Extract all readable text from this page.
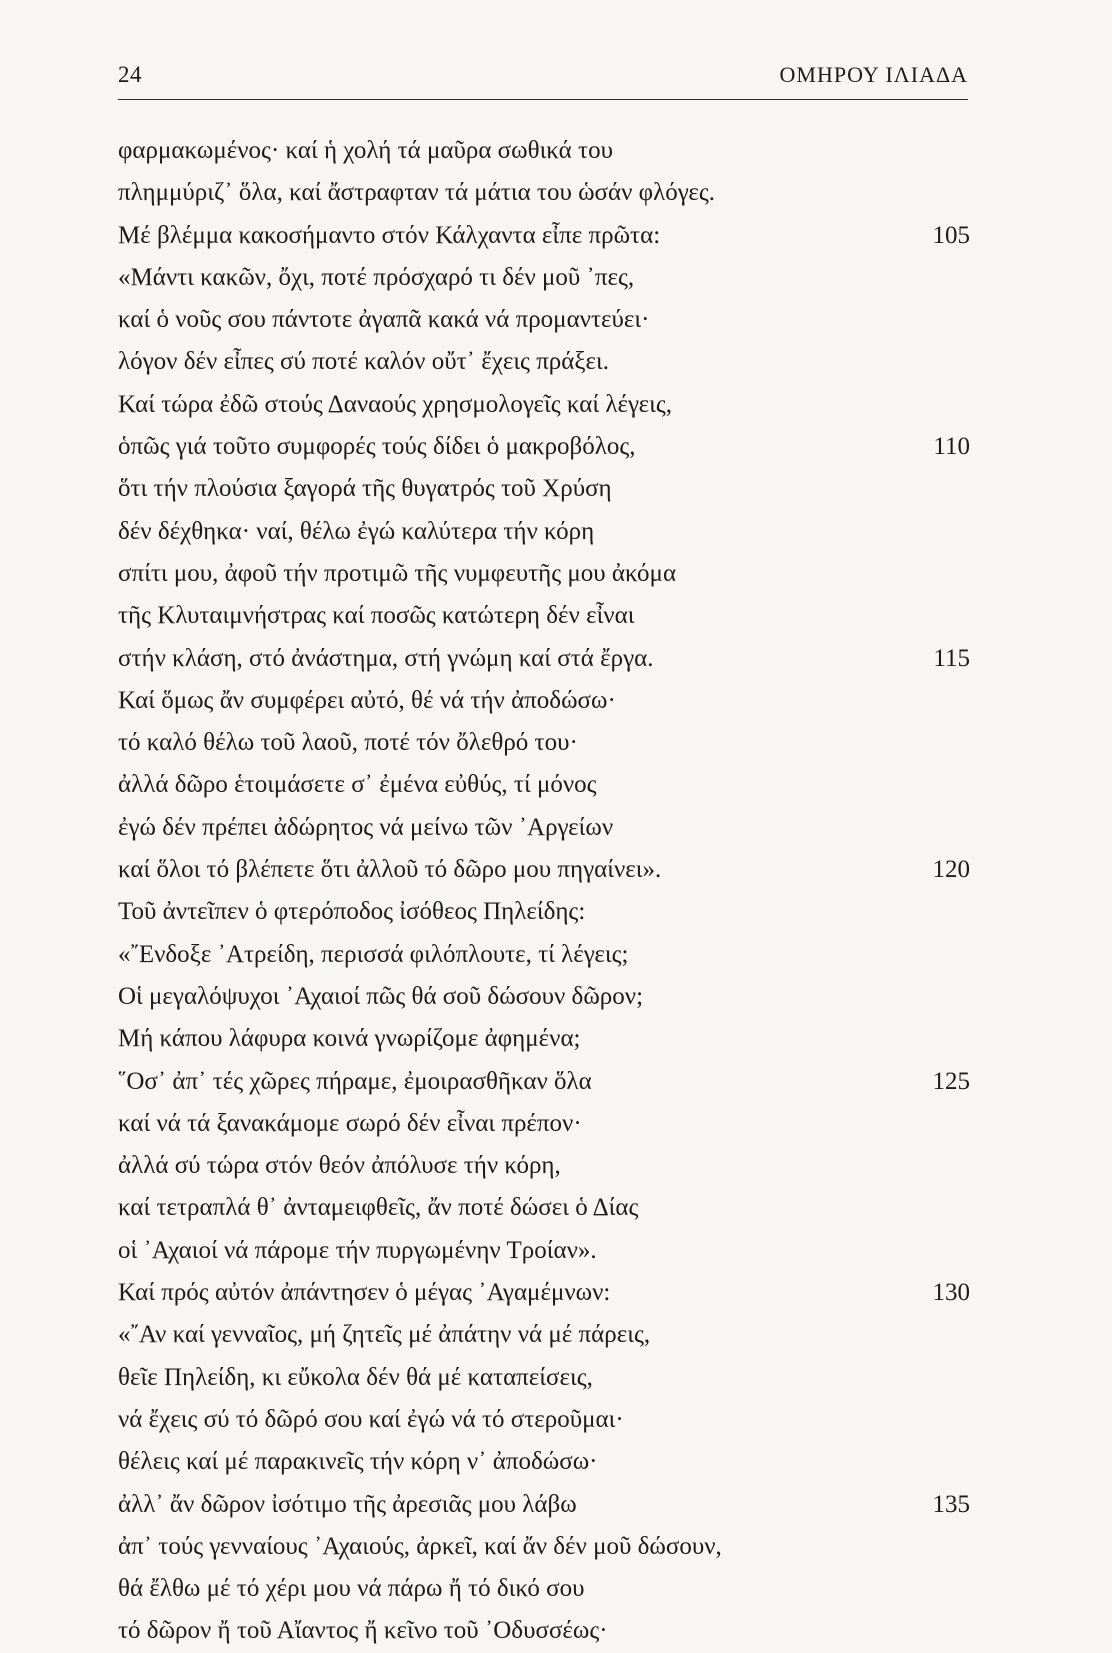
24	ΟΜΗΡΟΥ ΙΛΙΑΔΑ
φαρμακωμένος· καί ἡ χολή τά μαῦρα σωθικά του
πλημμύριζ᾽ ὅλα, καί ἄστραφταν τά μάτια του ὡσάν φλόγες.
Μέ βλέμμα κακοσήμαντο στόν Κάλχαντα εἶπε πρῶτα:	105
«Μάντι κακῶν, ὄχι, ποτέ πρόσχαρό τι δέν μοῦ ᾿πες,
καί ὁ νοῦς σου πάντοτε ἀγαπᾶ κακά νά προμαντεύει·
λόγον δέν εἶπες σύ ποτέ καλόν οὔτ᾽ ἔχεις πράξει.
Καί τώρα ἐδῶ στούς Δαναούς χρησμολογεῖς καί λέγεις,
ὁπῶς γιά τοῦτο συμφορές τούς δίδει ὁ μακροβόλος,	110
ὅτι τήν πλούσια ξαγορά τῆς θυγατρός τοῦ Χρύση
δέν δέχθηκα· ναί, θέλω ἐγώ καλύτερα τήν κόρη
σπίτι μου, ἀφοῦ τήν προτιμῶ τῆς νυμφευτῆς μου ἀκόμα
τῆς Κλυταιμνήστρας καί ποσῶς κατώτερη δέν εἶναι
στήν κλάση, στό ἀνάστημα, στή γνώμη καί στά ἔργα.	115
Καί ὅμως ἄν συμφέρει αὐτό, θέ νά τήν ἀποδώσω·
τό καλό θέλω τοῦ λαοῦ, ποτέ τόν ὄλεθρό του·
ἀλλά δῶρο ἑτοιμάσετε σ᾽ ἐμένα εὐθύς, τί μόνος
ἐγώ δέν πρέπει ἀδώρητος νά μείνω τῶν ᾿Αργείων
καί ὅλοι τό βλέπετε ὅτι ἀλλοῦ τό δῶρο μου πηγαίνει».	120
Τοῦ ἀντεῖπεν ὁ φτερόποδος ἰσόθεος Πηλείδης:
«῎Ενδοξε ᾿Ατρείδη, περισσά φιλόπλουτε, τί λέγεις;
Οἱ μεγαλόψυχοι ᾿Αχαιοί πῶς θά σοῦ δώσουν δῶρον;
Μή κάπου λάφυρα κοινά γνωρίζομε ἀφημένα;
῞Οσ᾽ ἀπ᾽ τές χῶρες πήραμε, ἐμοιρασθῆκαν ὅλα	125
καί νά τά ξανακάμομε σωρό δέν εἶναι πρέπον·
ἀλλά σύ τώρα στόν θεόν ἀπόλυσε τήν κόρη,
καί τετραπλά θ᾽ ἀνταμειφθεῖς, ἄν ποτέ δώσει ὁ Δίας
οἱ ᾿Αχαιοί νά πάρομε τήν πυργωμένην Τροίαν».
Καί πρός αὐτόν ἀπάντησεν ὁ μέγας ᾿Αγαμέμνων:	130
«῎Αν καί γενναῖος, μή ζητεῖς μέ ἀπάτην νά μέ πάρεις,
θεῖε Πηλείδη, κι εὔκολα δέν θά μέ καταπείσεις,
νά ἔχεις σύ τό δῶρό σου καί ἐγώ νά τό στεροῦμαι·
θέλεις καί μέ παρακινεῖς τήν κόρη ν᾽ ἀποδώσω·
ἀλλ᾽ ἄν δῶρον ἰσότιμο τῆς ἀρεσιᾶς μου λάβω	135
ἀπ᾽ τούς γενναίους ᾿Αχαιούς, ἀρκεῖ, καί ἄν δέν μοῦ δώσουν,
θά ἔλθω μέ τό χέρι μου νά πάρω ἤ τό δικό σου
τό δῶρον ἤ τοῦ Αἴαντος ἤ κεῖνο τοῦ ᾿Οδυσσέως·
